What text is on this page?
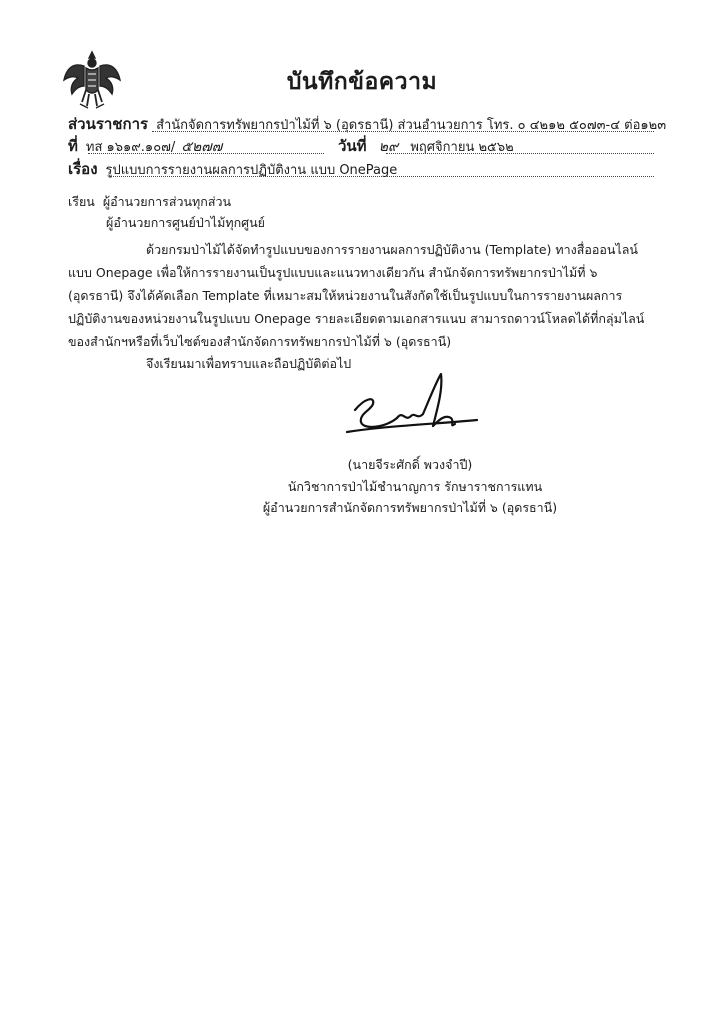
บันทึกข้อความ
ส่วนราชการ สำนักจัดการทรัพยากรป่าไม้ที่ ๖ (อุดรธานี) ส่วนอำนวยการ โทร. ๐ ๔๒๑๒ ๕๐๗๓-๔ ต่อ๑๒๓
ที่ ทส ๑๖๑๙.๑๐๗/ ๕๒๗๗	วันที่ ๒๙ พฤศจิกายน ๒๕๖๒
เรื่อง รูปแบบการรายงานผลการปฏิบัติงาน แบบ OnePage
เรียน ผู้อำนวยการส่วนทุกส่วน
ผู้อำนวยการศูนย์ป่าไม้ทุกศูนย์
ด้วยกรมป่าไม้ได้จัดทำรูปแบบของการรายงานผลการปฏิบัติงาน (Template) ทางสื่อออนไลน์
แบบ Onepage เพื่อให้การรายงานเป็นรูปแบบและแนวทางเดียวกัน สำนักจัดการทรัพยากรป่าไม้ที่ ๖
(อุดรธานี) จึงได้คัดเลือก Template ที่เหมาะสมให้หน่วยงานในสังกัดใช้เป็นรูปแบบในการรายงานผลการ
ปฏิบัติงานของหน่วยงานในรูปแบบ Onepage รายละเอียดตามเอกสารแนบ สามารถดาวน์โหลดได้ที่กลุ่มไลน์
ของสำนักฯหรือที่เว็บไซต์ของสำนักจัดการทรัพยากรป่าไม้ที่ ๖ (อุดรธานี)
จึงเรียนมาเพื่อทราบและถือปฏิบัติต่อไป
(นายจีระศักดิ์ พวงจำปี)
นักวิชาการป่าไม้ชำนาญการ รักษาราชการแทน
ผู้อำนวยการสำนักจัดการทรัพยากรป่าไม้ที่ ๖ (อุดรธานี)
